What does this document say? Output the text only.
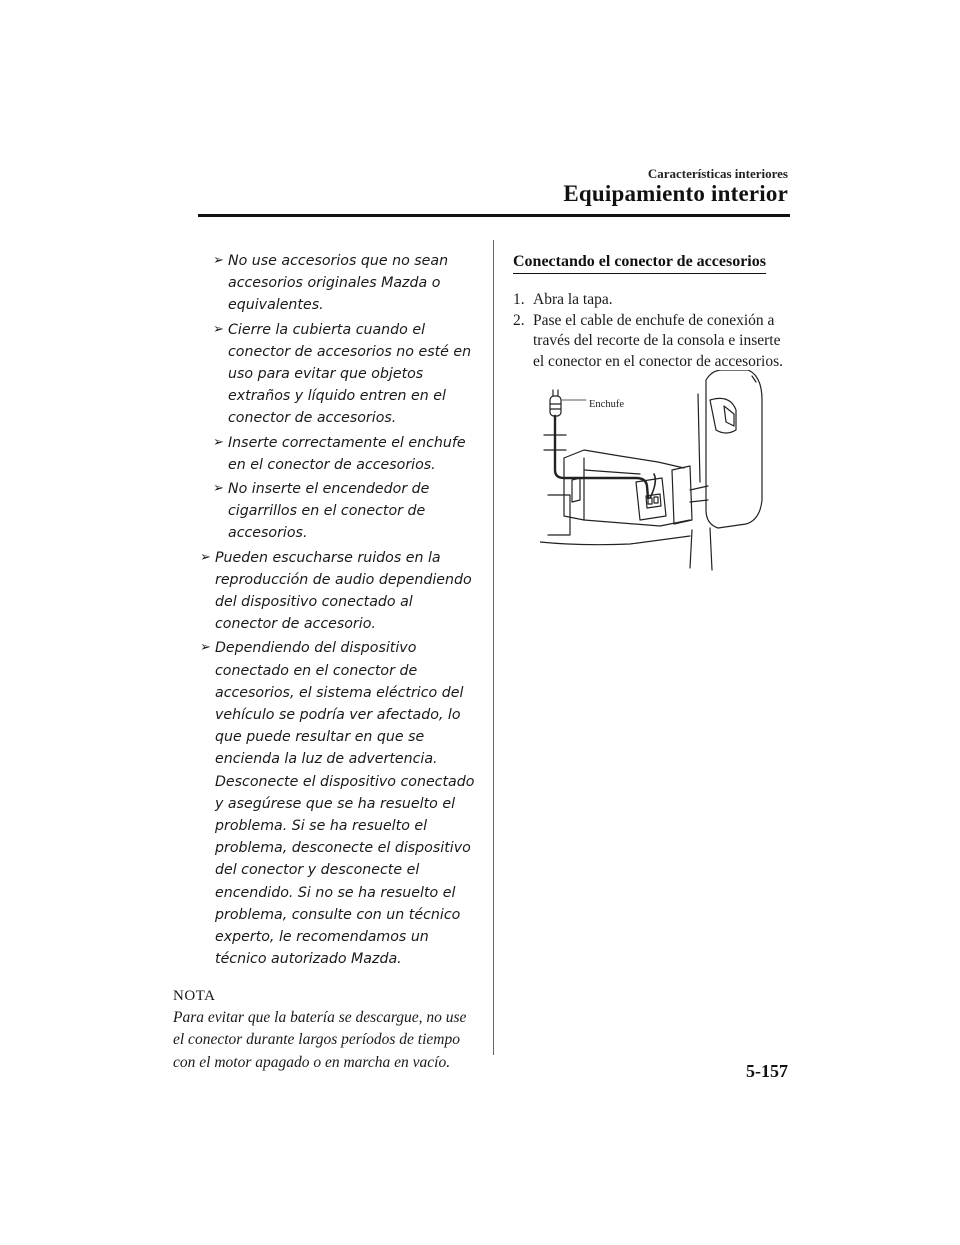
Características interiores
Equipamiento interior
➢ No use accesorios que no sean accesorios originales Mazda o equivalentes.
➢ Cierre la cubierta cuando el conector de accesorios no esté en uso para evitar que objetos extraños y líquido entren en el conector de accesorios.
➢ Inserte correctamente el enchufe en el conector de accesorios.
➢ No inserte el encendedor de cigarrillos en el conector de accesorios.
➢ Pueden escucharse ruidos en la reproducción de audio dependiendo del dispositivo conectado al conector de accesorio.
➢ Dependiendo del dispositivo conectado en el conector de accesorios, el sistema eléctrico del vehículo se podría ver afectado, lo que puede resultar en que se encienda la luz de advertencia. Desconecte el dispositivo conectado y asegúrese que se ha resuelto el problema. Si se ha resuelto el problema, desconecte el dispositivo del conector y desconecte el encendido. Si no se ha resuelto el problema, consulte con un técnico experto, le recomendamos un técnico autorizado Mazda.
NOTA
Para evitar que la batería se descargue, no use el conector durante largos períodos de tiempo con el motor apagado o en marcha en vacío.
Conectando el conector de accesorios
1. Abra la tapa.
2. Pase el cable de enchufe de conexión a través del recorte de la consola e inserte el conector en el conector de accesorios.
Enchufe
5-157
